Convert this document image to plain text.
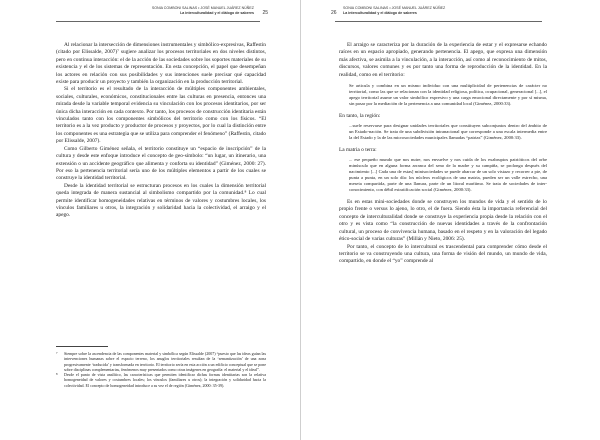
SONIA COMBONI SALINAS • JOSÉ MANUEL JUÁREZ NÚÑEZ
La interculturalidad y el diálogo de saberes 25

Al relacionar la intersección de dimensiones instrumentales y simbólico-expresivas, Raffestin (citado por Elissalde, 2007)⁷ sugiere analizar los procesos territoriales en dos niveles distintos, pero en continua interacción: el de la acción de las sociedades sobre los soportes materiales de su existencia y el de los sistemas de representación. En esta concepción, el papel que desempeñan los actores en relación con sus posibilidades y sus intenciones suele precisar qué capacidad existe para producir un proyecto y también la organización en la producción territorial.

Si el territorio es el resultado de la interacción de múltiples componentes ambientales, sociales, culturales, económicos, constitucionales entre las culturas en presencia, entonces una mirada desde la variable temporal evidencia su vinculación con los procesos identitarios, por ser única dicha interacción en cada contexto. Por tanto, los procesos de construcción identitaria están vinculados tanto con los componentes simbólicos del territorio como con los físicos. “El territorio es a la vez producto y productor de procesos y proyectos, por lo cual la distinción entre los componentes es una estrategia que se utiliza para comprender el fenómeno” (Raffestin, citado por Elissalde, 2007).

Como Gilberto Giménez señala, el territorio constituye un “espacio de inscripción” de la cultura y desde este enfoque introduce el concepto de geo-símbolo: “un lugar, un itinerario, una extensión o un accidente geográfico que alimenta y conforta su identidad” (Giménez, 2000: 27). Por eso la pertenencia territorial sería uno de los múltiples elementos a partir de los cuales se construye la identidad territorial.

Desde la identidad territorial se estructuran procesos en los cuales la dimensión territorial queda integrada de manera sustancial al simbolismo compartido por la comunidad.⁸ Lo cual permite identificar homogeneidades relativas en términos de valores y costumbres locales, los vínculos familiares u otros, la integración y solidaridad hacia la colectividad, el arraigo y el apego.

7	Siempre sobre la ascendencia de las componentes material y simbólica según Elissalde (2007) “puesto que las ideas guían las intervenciones humanas sobre el espacio terreno, los anuglos territoriales resultan de la ‘semantización’ de una zona progresivamente ‘traducida’ y transformada en territorio. El territorio sería en esta acción a un edificio conceptual que se pone sobre disciplinas complementarias, fenómenos muy presentados como otras imágenes en geografía: el material y el ideal”.
8	Desde el punto de vista analítico, las características que permiten identificar dichas formas identitarias son la relativa homogeneidad de valores y costumbres locales; los vínculos (familiares u otros); la integración y solidaridad hacia la colectividad. El concepto de homogeneidad introduce a su vez el de región (Giménez, 2000: 35-39).
26
SONIA COMBONI SALINAS • JOSÉ MANUEL JUÁREZ NÚÑEZ
La interculturalidad y el diálogo de saberes

El arraigo se caracteriza por la duración de la experiencia de estar y el expresarse echando raíces en un espacio apropiado, generando pertenencia. El apego, que expresa una dimensión más afectiva, se asimila a la vinculación, a la interacción, así como al reconocimiento de mitos, discursos, valores comunes y es por tanto una forma de reproducción de la identidad. En la realidad, como en el territorio:

Se articula y combina en un mismo individuo con una multiplicidad de pertenencias de carácter no territorial, como las que se relacionan con la identidad religiosa, política, ocupacional, generacional [...], el apego territorial asume un valor simbólico expresivo y una carga emocional directamente y por sí misma, sin pasar por la mediación de la pertenencia a una comunidad local (Giménez, 2000:33).

En tanto, la región:

...suele reservarse para designar unidades territoriales que constituyen subconjuntos dentro del ámbito de un Estado-nación. Se trata de una subdivisión intranacional que corresponde a una escala intermedia entre la del Estado y la de las microsociedades municipales llamadas “patrias” (Giménez, 2000:33).

La matria o terra:

... ese pequeño mundo que nos nutre, nos envuelve y nos cuida de los exabruptos patrióticos del orbe minúsculo que en alguna forma arranca del seno de la madre y su campiña, se prolonga después del nacimiento [...] Cada una de estas] minisociedades se puede abarcar de un solo vistazo y recorrer a pie, de punta a punta, en un solo día: los núcleos ecológicos de una matria, pueden ser un valle estrecho, una meseta compartida, parte de una llanura, parte de un litoral marítimo. Se trata de sociedades de inter-conocimiento, con débil estratificación social (Giménez, 2000:33).

Es en estas mini-sociedades donde se construyen los mundos de vida y el sentido de lo propio frente o versus lo ajeno, lo otro, el de fuera. Siendo ésta la importancia referencial del concepto de interculturalidad donde se construye la experiencia propia desde la relación con el otro y es vista como “la construcción de nuevas identidades a través de la confrontación cultural, un proceso de convivencia humana, basado en el respeto y en la valoración del legado ético-social de varias culturas” (Millán y Nieto, 2006: 25).

Por tanto, el concepto de lo intercultural es trascendental para comprender cómo desde el territorio se va construyendo una cultura, una forma de visión del mundo, un mundo de vida, compartido, en donde el “yo” comprende al
